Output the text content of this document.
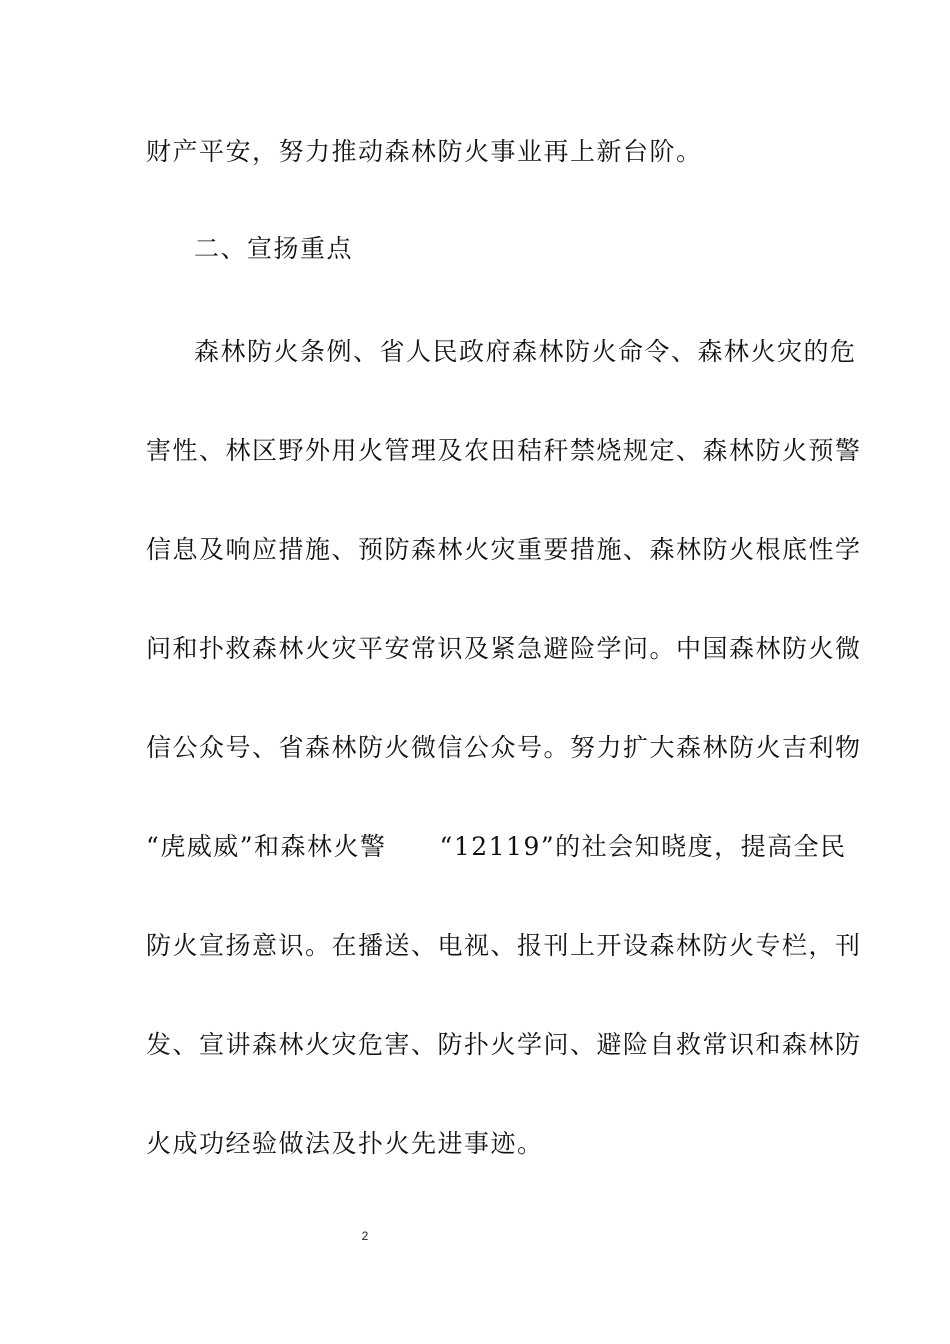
财产平安，努力推动森林防火事业再上新台阶。
二、宣扬重点
森林防火条例、省人民政府森林防火命令、森林火灾的危
害性、林区野外用火管理及农田秸秆禁烧规定、森林防火预警
信息及响应措施、预防森林火灾重要措施、森林防火根底性学
问和扑救森林火灾平安常识及紧急避险学问。中国森林防火微
信公众号、省森林防火微信公众号。努力扩大森林防火吉利物
“虎威威”和森林火警　　“12119”的社会知晓度，提高全民
防火宣扬意识。在播送、电视、报刊上开设森林防火专栏，刊
发、宣讲森林火灾危害、防扑火学问、避险自救常识和森林防
火成功经验做法及扑火先进事迹。
2
